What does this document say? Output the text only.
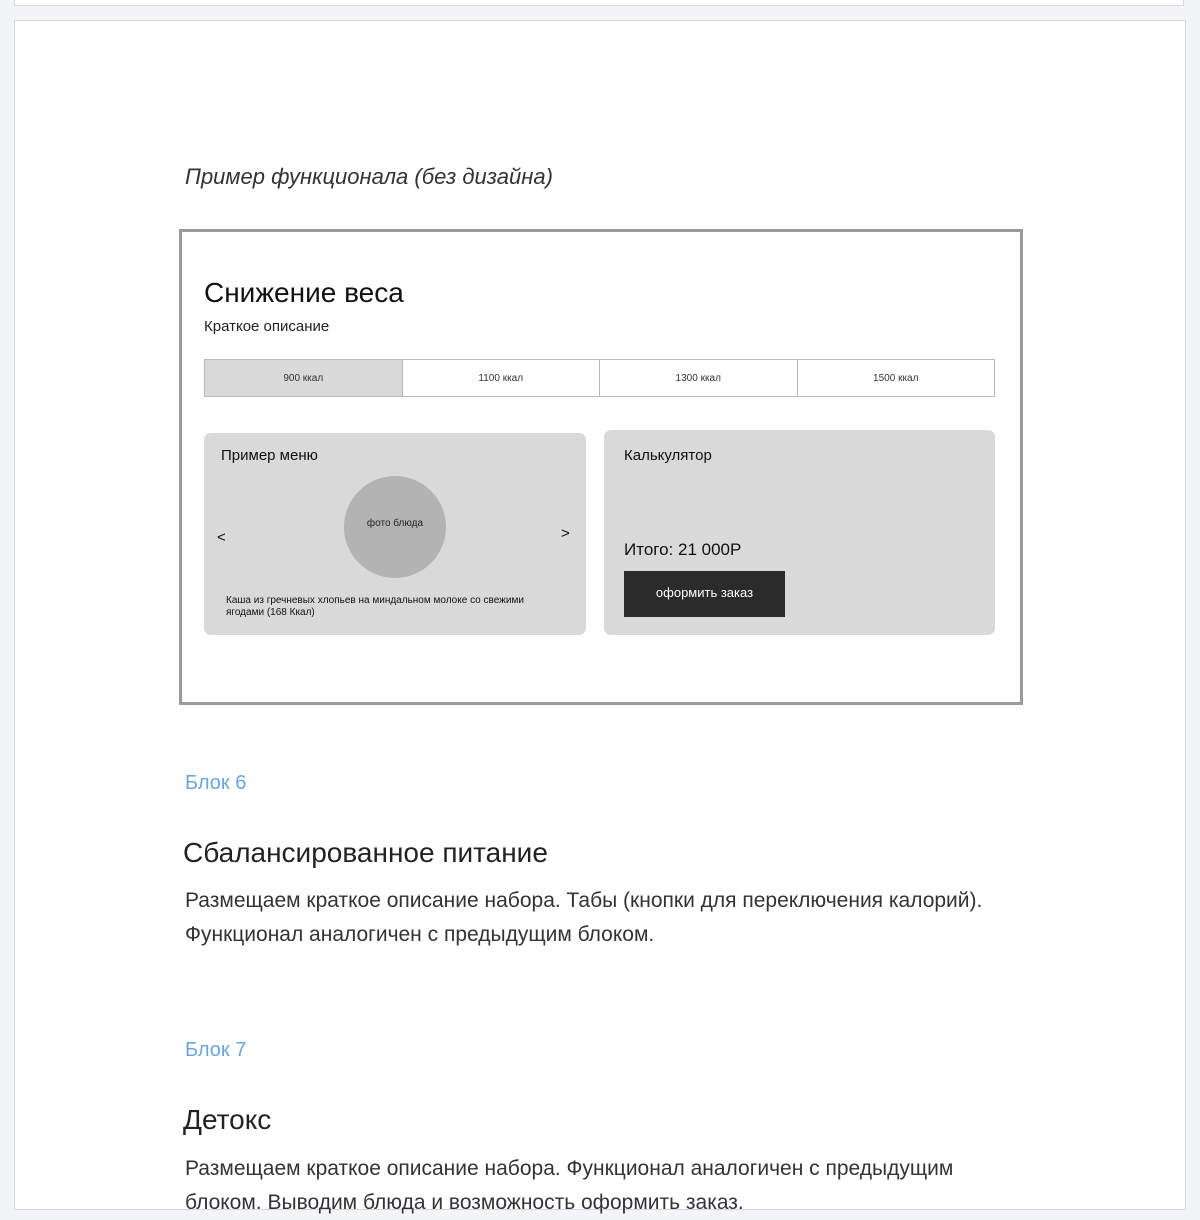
Пример функционала (без дизайна)
Снижение веса
Краткое описание
900 ккал	1100 ккал	1300 ккал	1500 ккал
Пример меню
<
фото блюда
>
Каша из гречневых хлопьев на миндальном молоке со свежими ягодами (168 Ккал)
Калькулятор
Итого: 21 000Р
оформить заказ
Блок 6
Сбалансированное питание
Размещаем краткое описание набора. Табы (кнопки для переключения калорий). Функционал аналогичен с предыдущим блоком.
Блок 7
Детокс
Размещаем краткое описание набора. Функционал аналогичен с предыдущим блоком. Выводим блюда и возможность оформить заказ.
